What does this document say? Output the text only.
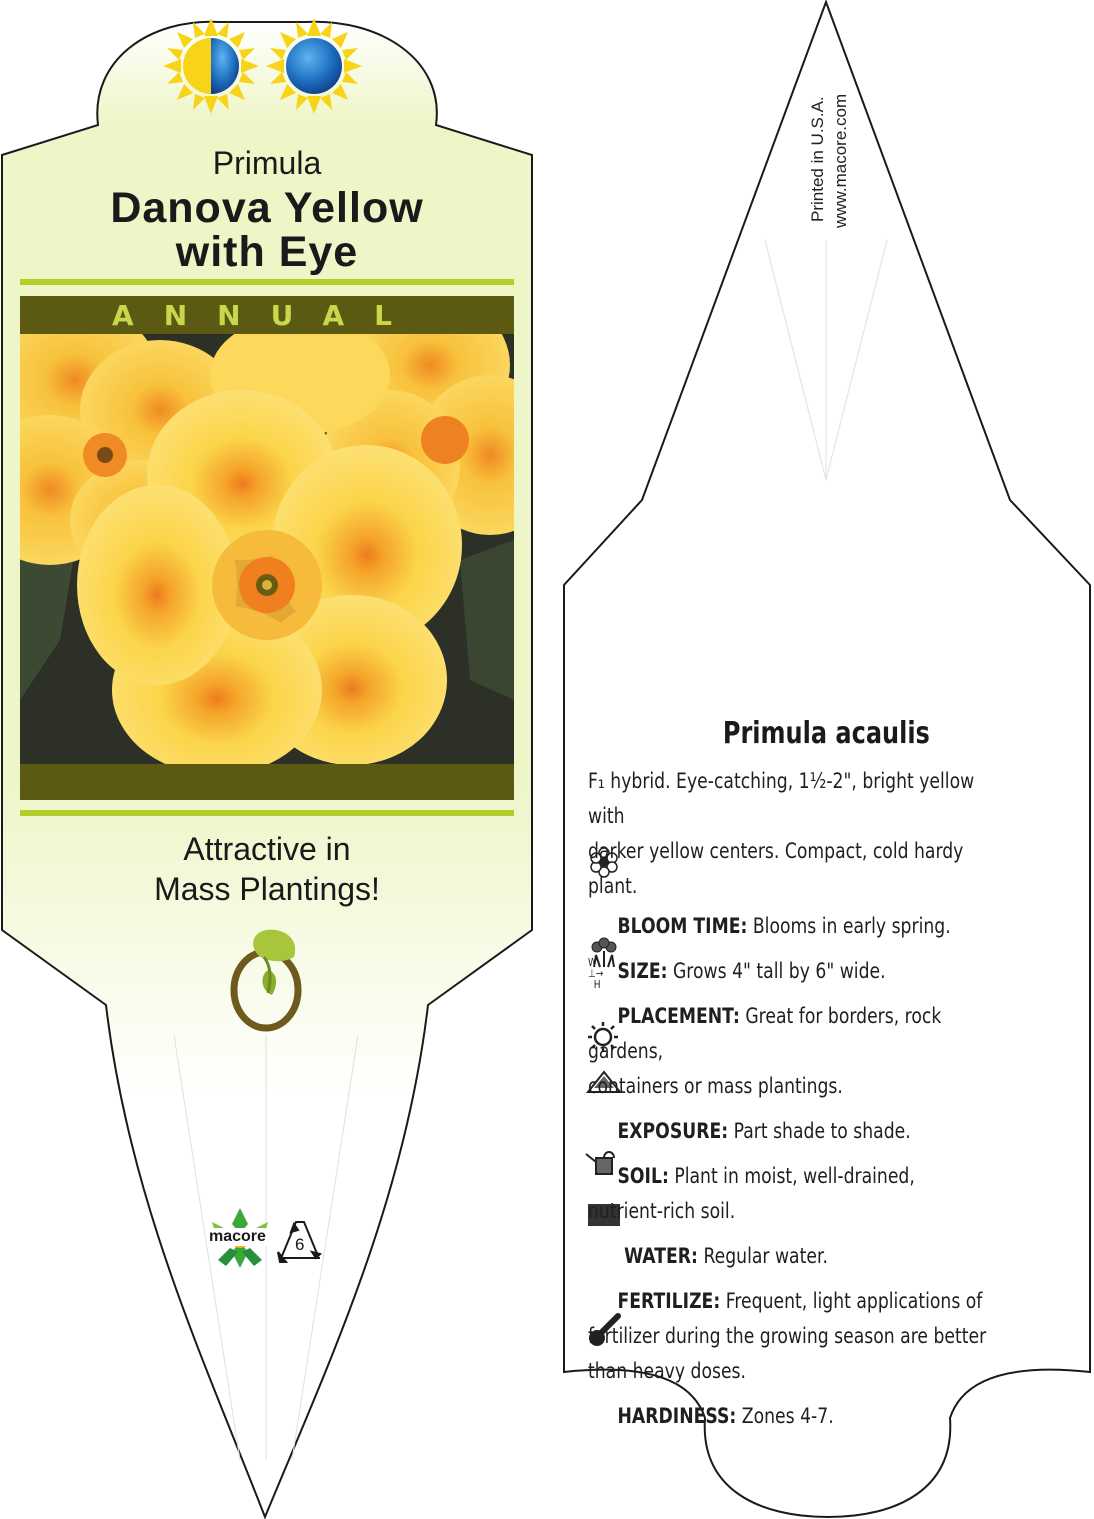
Primula
Danova Yellow
with Eye
ANNUAL
Attractive in
Mass Plantings!
macore 6
Printed in U.S.A. www.macore.com
Primula acaulis

F₁ hybrid. Eye-catching, 1½-2", bright yellow with

darker yellow centers. Compact, cold hardy plant.

BLOOM TIME: Blooms in early spring.

W ⊥→
H
SIZE: Grows 4" tall by 6" wide.

PLACEMENT: Great for borders, rock gardens,

containers or mass plantings.

EXPOSURE: Part shade to shade.

SOIL: Plant in moist, well-drained,

nutrient-rich soil.

WATER: Regular water.

NPK FERTILIZE: Frequent, light applications of

fertilizer during the growing season are better

than heavy doses.

HARDINESS: Zones 4-7.
